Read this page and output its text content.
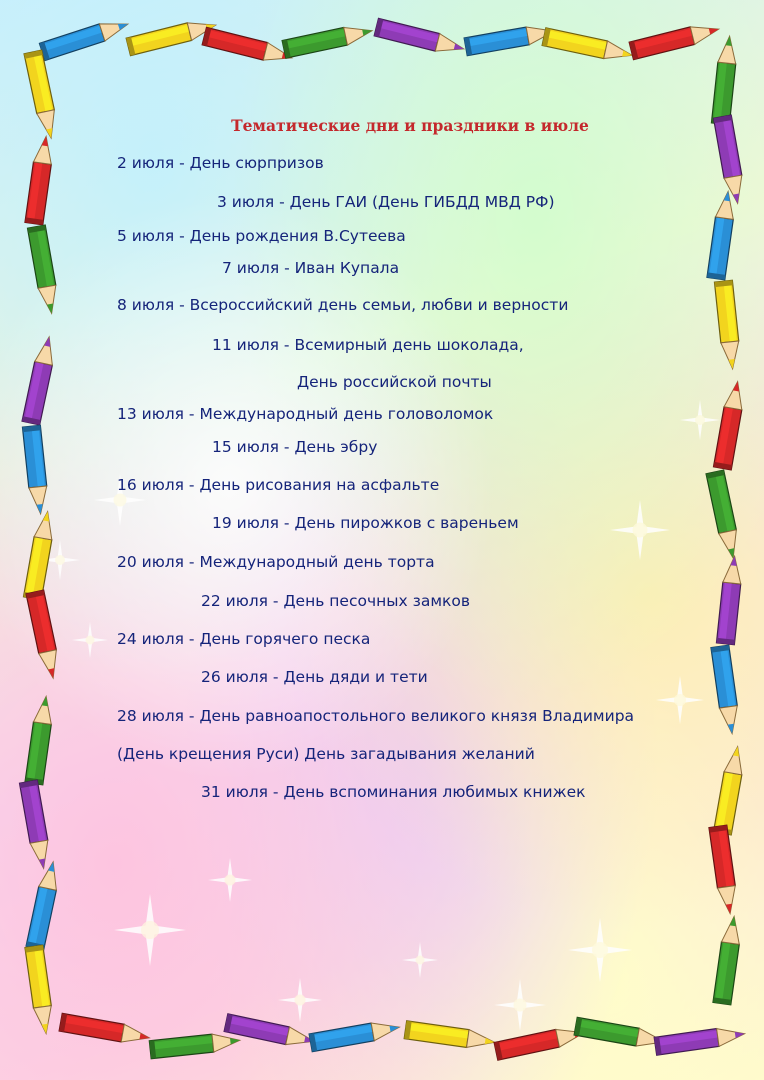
Тематические дни и праздники в июле

2 июля - День сюрпризов

3 июля - День ГАИ (День ГИБДД МВД РФ)

5 июля - День рождения В.Сутеева

7 июля - Иван Купала

8 июля - Всероссийский день семьи, любви и верности

11 июля - Всемирный день шоколада,

День российской почты

13 июля - Международный день головоломок

15 июля - День эбру

16 июля - День рисования на асфальте

19 июля - День пирожков с вареньем

20 июля - Международный день торта

22 июля - День песочных замков

24 июля - День горячего песка

26 июля - День дяди и тети

28 июля - День равноапостольного великого князя Владимира

(День крещения Руси) День загадывания желаний

31 июля - День вспоминания любимых книжек
